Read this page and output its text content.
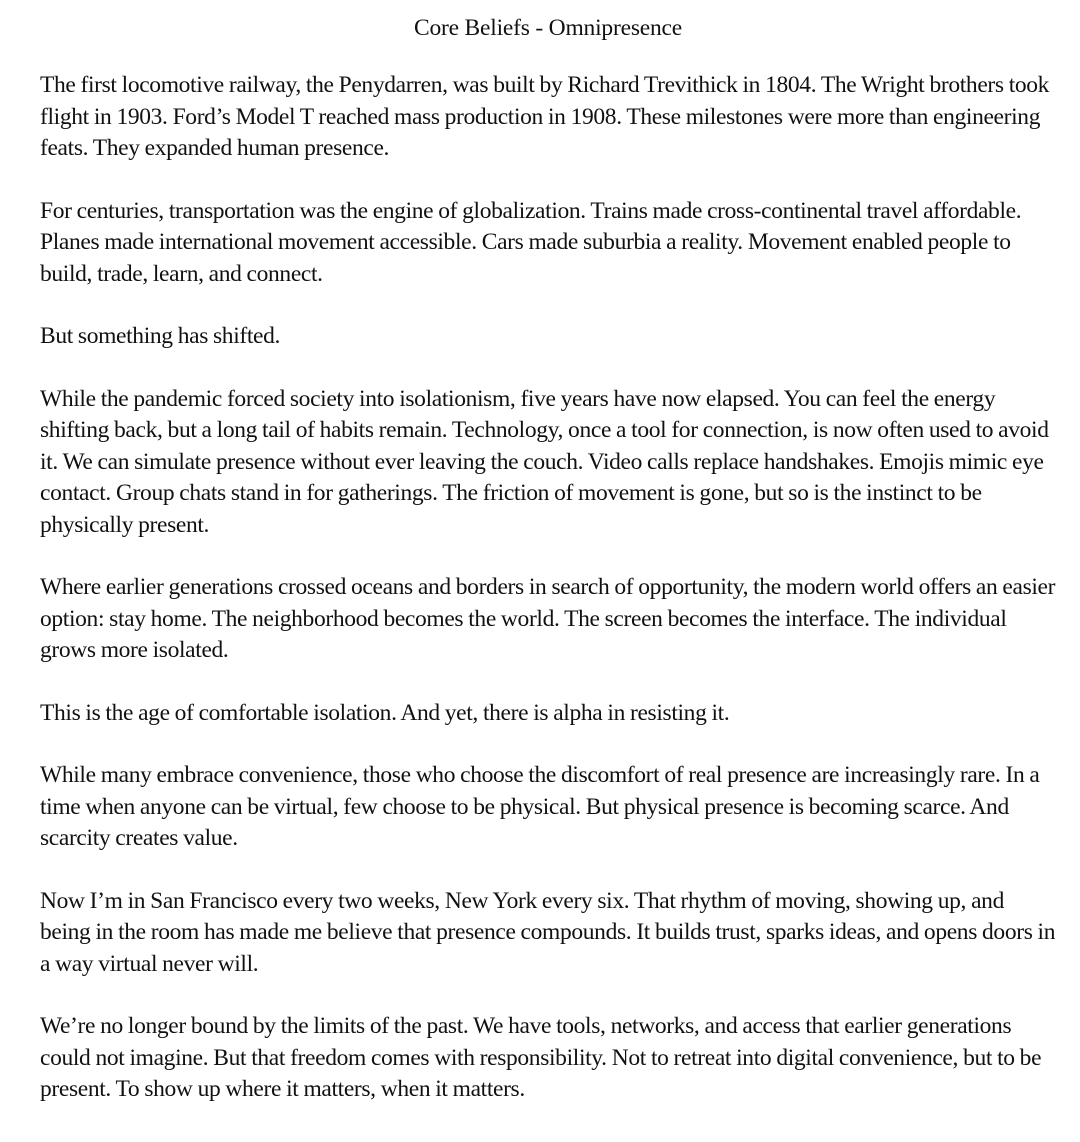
Core Beliefs - Omnipresence

The first locomotive railway, the Penydarren, was built by Richard Trevithick in 1804. The Wright brothers took flight in 1903. Ford’s Model T reached mass production in 1908. These milestones were more than engineering feats. They expanded human presence.

For centuries, transportation was the engine of globalization. Trains made cross-continental travel affordable. Planes made international movement accessible. Cars made suburbia a reality. Movement enabled people to build, trade, learn, and connect.

But something has shifted.

While the pandemic forced society into isolationism, five years have now elapsed. You can feel the energy shifting back, but a long tail of habits remain. Technology, once a tool for connection, is now often used to avoid it. We can simulate presence without ever leaving the couch. Video calls replace handshakes. Emojis mimic eye contact. Group chats stand in for gatherings. The friction of movement is gone, but so is the instinct to be physically present.

Where earlier generations crossed oceans and borders in search of opportunity, the modern world offers an easier option: stay home. The neighborhood becomes the world. The screen becomes the interface. The individual grows more isolated.

This is the age of comfortable isolation. And yet, there is alpha in resisting it.

While many embrace convenience, those who choose the discomfort of real presence are increasingly rare. In a time when anyone can be virtual, few choose to be physical. But physical presence is becoming scarce. And scarcity creates value.

Now I’m in San Francisco every two weeks, New York every six. That rhythm of moving, showing up, and being in the room has made me believe that presence compounds. It builds trust, sparks ideas, and opens doors in a way virtual never will.

We’re no longer bound by the limits of the past. We have tools, networks, and access that earlier generations could not imagine. But that freedom comes with responsibility. Not to retreat into digital convenience, but to be present. To show up where it matters, when it matters.
